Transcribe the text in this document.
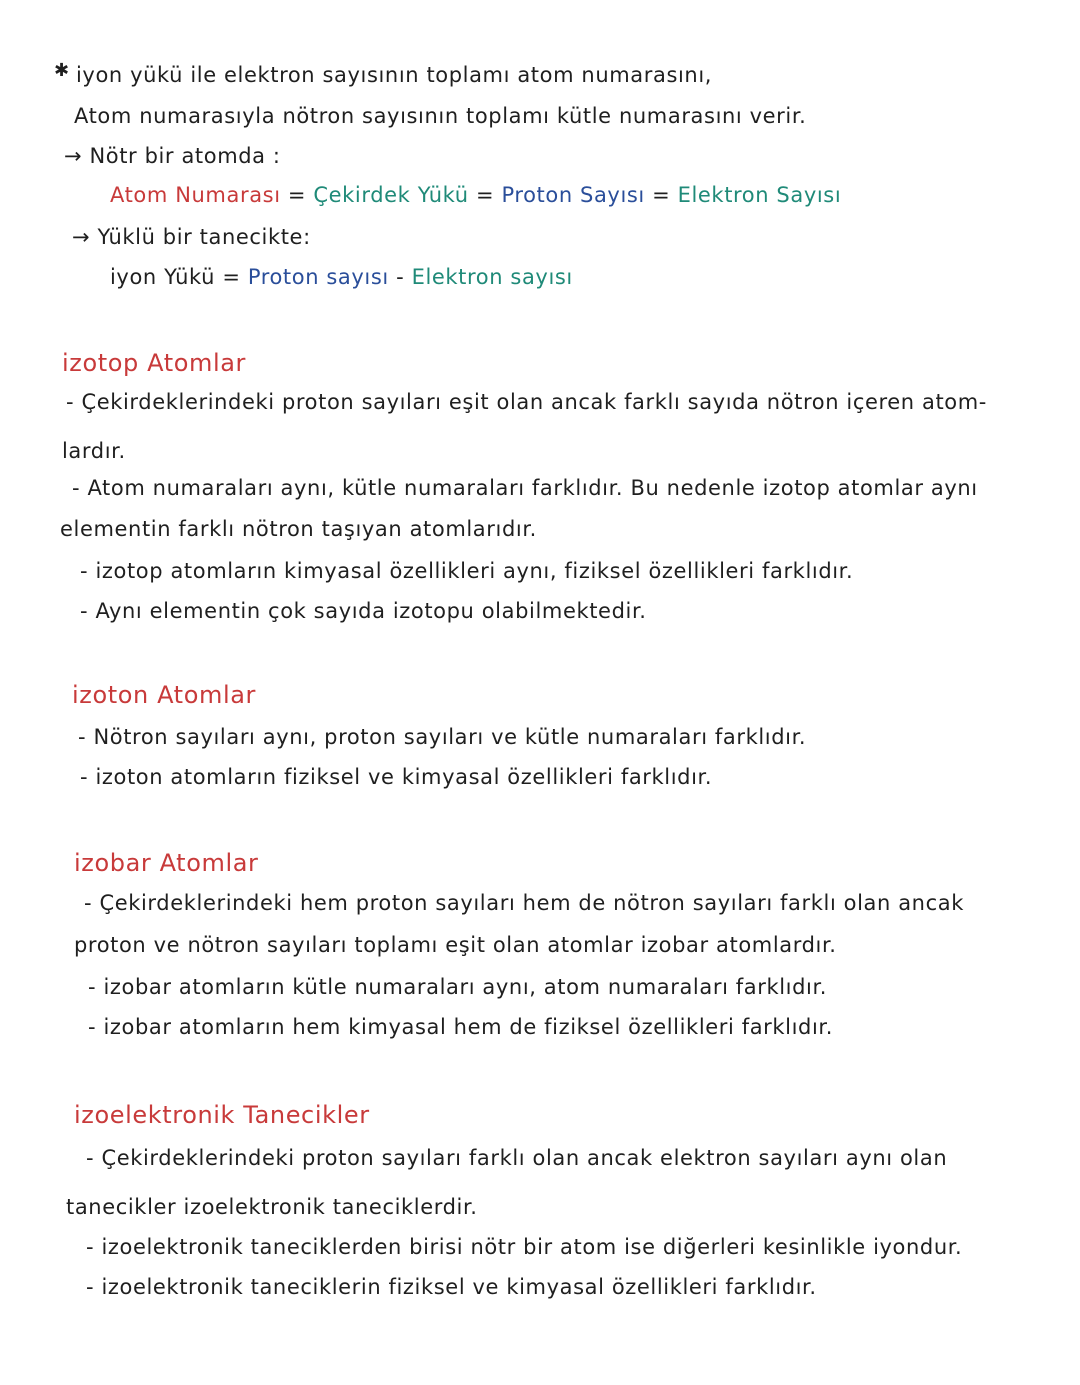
✱ iyon yükü ile elektron sayısının toplamı atom numarasını,
Atom numarasıyla nötron sayısının toplamı kütle numarasını verir.
→ Nötr bir atomda :
Atom Numarası = Çekirdek Yükü = Proton Sayısı = Elektron Sayısı
→ Yüklü bir tanecikte:
iyon Yükü = Proton sayısı - Elektron sayısı
izotop Atomlar
- Çekirdeklerindeki proton sayıları eşit olan ancak farklı sayıda nötron içeren atom-
lardır.
- Atom numaraları aynı, kütle numaraları farklıdır. Bu nedenle izotop atomlar aynı
elementin farklı nötron taşıyan atomlarıdır.
- izotop atomların kimyasal özellikleri aynı, fiziksel özellikleri farklıdır.
- Aynı elementin çok sayıda izotopu olabilmektedir.
izoton Atomlar
- Nötron sayıları aynı, proton sayıları ve kütle numaraları farklıdır.
- izoton atomların fiziksel ve kimyasal özellikleri farklıdır.
izobar Atomlar
- Çekirdeklerindeki hem proton sayıları hem de nötron sayıları farklı olan ancak
proton ve nötron sayıları toplamı eşit olan atomlar izobar atomlardır.
- izobar atomların kütle numaraları aynı, atom numaraları farklıdır.
- izobar atomların hem kimyasal hem de fiziksel özellikleri farklıdır.
izoelektronik Tanecikler
- Çekirdeklerindeki proton sayıları farklı olan ancak elektron sayıları aynı olan
tanecikler izoelektronik taneciklerdir.
- izoelektronik taneciklerden birisi nötr bir atom ise diğerleri kesinlikle iyondur.
- izoelektronik taneciklerin fiziksel ve kimyasal özellikleri farklıdır.
